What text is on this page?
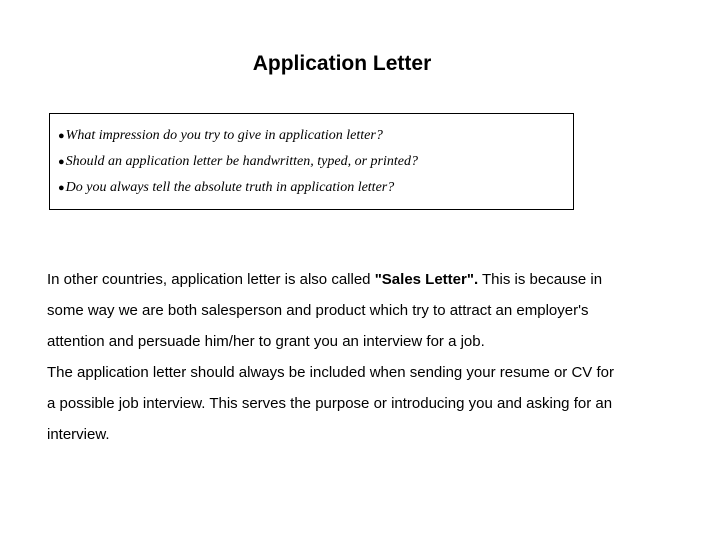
Application Letter
● What impression do you try to give in application letter?
● Should an application letter be handwritten, typed, or printed?
● Do you always tell the absolute truth in application letter?
In other countries, application letter is also called "Sales Letter". This is because in
some way we are both salesperson and product which try to attract an employer's
attention and persuade him/her to grant you an interview for a job.
The application letter should always be included when sending your resume or CV for
a possible job interview. This serves the purpose or introducing you and asking for an
interview.
